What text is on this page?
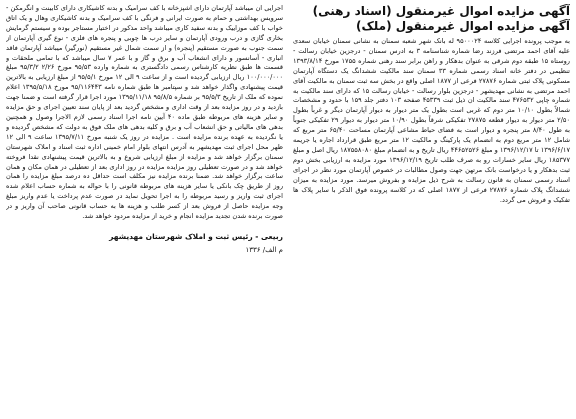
آگهی مزایده اموال غیرمنقول (اسناد رهنی)

آگهی مزایده اموال غیرمنقول (ملک)

به موجب پرونده اجرایی کلاسه ۹۵۰۰۰۲۴ له بانک شهر شعبه سمنان به نشانی سمنان خیابان سعدی علیه آقای احمد مرتضی فرزند رضا شماره شناسنامه ۳ به ادرس سمنان - درجزین خیابان رسالت - روستاه ۱۵ طبقه دوم شرقی به عنوان بدهکار و راهن برابر سند رهنی شماره ۱۷۵۵ مورخ ۱۳۹۳/۸/۱۴ تنظیمی در دفتر خانه اسناد رسمی شماره ۳۳ سمنان سند مالکیت ششدانگ یک دستگاه آپارتمان مسکونی پلاک ثبتی شماره ۲۷۸۷۶ فرعی از ۱۸۷۷ اصلی واقع در بخش سه ثبت سمنان به مالکیت آقای احمد مرتضی به نشانی مهدیشهر - درجزین بلوار رسالت - خیابان رسالت ۱۵ که دارای سند مالکیت به شماره چاپی ۴۷۶۵۳۲ سند مالکیت ان ذیل ثبت ۴۵۳۳۹ صفحه ۱۰۳ دفتر جلد ۱۵۹ با حدود و مشخصات شمالاً بطول ۱۰/۱۰ متر دوم که غربی است بطول یک متر دیوار به دیوار آپارتمان دیگر و غرباً بطول ۲/۵۰ متر دیوار به دیوار قطعه ۲۷۸۷۵ تفکیکی شرقاً بطول ۱۰/۹۰ متر دیوار به دیوار ۲۹ تفکیکی جنوباً به طول ۸/۴۰ متر پنجره و دیوار است به فضای حیاط مشاعی آپارتمان مساحت ۶۵/۴۰ متر مربع که شامل ۱۲ متر مربع دوم به انضمام یک پارکینگ و مالکیت ۱۲ متر مربع طبق قرارداد اجاره یا جریمه ۱۳۹۶/۶/۱۷ تا ۱۳۹۶/۱۲/۱۷ و مبلغ ۴۴۶۵۲۵۲۶ ریال تاریخ و به انضمام مبلغ ۱۸۷۵۵۸۰۸۰ ریال اصل و مبلغ ۱۸۵۳۷۷ ریال سایر خسارات رو به صرف طلب تاریخ ۱۳۹۶/۱۲/۱۹ مورد مزایده به ارزیابی بخش دوم ثبت بدهکار و یا درخواست بانک مرتهن جهت وصول مطالبات در خصوص آپارتمان مورد نظر در اجرای اسناد رسمی سمنان به قانون رسالت به شرح ذیل مزایده و بفروش میرسد. مورد مزایده به میزان ششدانگ پلاک شماره ۲۷۸۷۶ فرعی از ۱۸۷۷ اصلی که در کلاسه پرونده فوق الذکر با سایر پلاک ها تفکیک و فروش می گردد.

اجرایی ان میباشد آپارتمان دارای اشپزخانه با کف سرامیک و بدنه کاشیکاری دارای کابینت و انگرمکن - سرویس بهداشتی و حمام به صورت ایرانی و فرنگی با کف سرامیک و بدنه کاشیکاری وهال و یک اتاق خواب با کف موزاییک و بدنه سفید کاری میباشد واحد مذکور در اختیار مستاجر بوده و سیستم گرمایش بخاری گازی و درب ورودی آپارتمان و سایر درب ها چوبی و پنجره های فلزی - نوع گیری آپارتمان از سمت جنوب به صورت مستقیم (پنجره) و از سمت شمال غیر مستقیم (نورگیر) میباشد آپارتمان فاقد انباری - آسانسور و دارای انشعاب آب و برق و گاز و با عمر ۷ سال میباشد که با تمامی ملحقات و قسمت ها طبق نظریه کارشناس رسمی دادگستری به شماره وارده ۹۵/۵۳ مورخ ۲/۲۶ ۹۵/۳/۲ مبلغ ۱۰۰/۰۰۰/۰۰۰ ریال ارزیابی گردیده است و از ساعت ۹ الی ۱۲ مورخ ۹۵/۵/۱ از مبلغ ارزیابی به بالاترین قیمت پیشنهادی واگذار خواهد شد و سپتامبر ها طبق شماره نامه ۹۵/۱۱۶۴۴۳ مورخ ۱۳۹۵/۵/۱۸ اعلام نموده که ملک از تاریخ ۹۵/۵/۳ بر شماره ۹۵/۸/۵ ۱۳۹۵/۱۱/۱۸ مورد اجرا قرار گرفته است و ضمنا جهت بازدید و در روز مزایده بعد از وقت اداری و مشخص گردید بعد از پایان سند تعیین اجرای و حق مزایده و سایر هزینه های مربوطه طبق ماده ۴۰ آیین نامه اجرا اسناد رسمی لازم الاجرا وصول و همچنین بدهی های مالیاتی و حق انشعاب آب و برق و کلیه بدهی های ملک فوق به دولت که مشخص گردیده و یا نگردیده به عهده برنده مزایده است . مزایده در روز یک شنبه مورخ ۱۳۹۵/۷/۱۱ ساعت ۹ الی ۱۲ ظهر محل اجرای ثبت مهدیشهر به آدرس انتهای بلوار امام خمینی اداره ثبت اسناد و املاک شهرستان سمنان برگزار خواهد شد و مزایده از مبلغ ارزیابی شروع و به بالاترین قیمت پیشنهادی نقدا فروخته خواهد شد و در صورت تعطیلی روز مزایده مزایده در روز اداری بعد از تعطیلی در همان مکان و همان ساعت برگزار خواهد شد. ضمنا برنده مزایده نیز مکلف است حداقل ده درصد مبلغ مزایده را همان روز از طریق چک بانکی یا سایر هزینه های مربوطه قانونی را با حواله به شماره حساب اعلام شده اجرای ثبت واریز و رسید مربوطه را به اجرا تحویل نماید در صورت عدم پرداخت یا عدم واریز مبلغ وجه مزایده حاصل از فروش بعد از کسر طلب و هزینه ها به حساب قانونی صاحب آن واریز و در صورت برنده شدن تجدید مزایده انجام و خرید از مزایده مردود خواهد شد.

ربیعی - رئیس ثبت و املاک شهرستان مهدیشهر
م الف/ ۱۳۳۶
